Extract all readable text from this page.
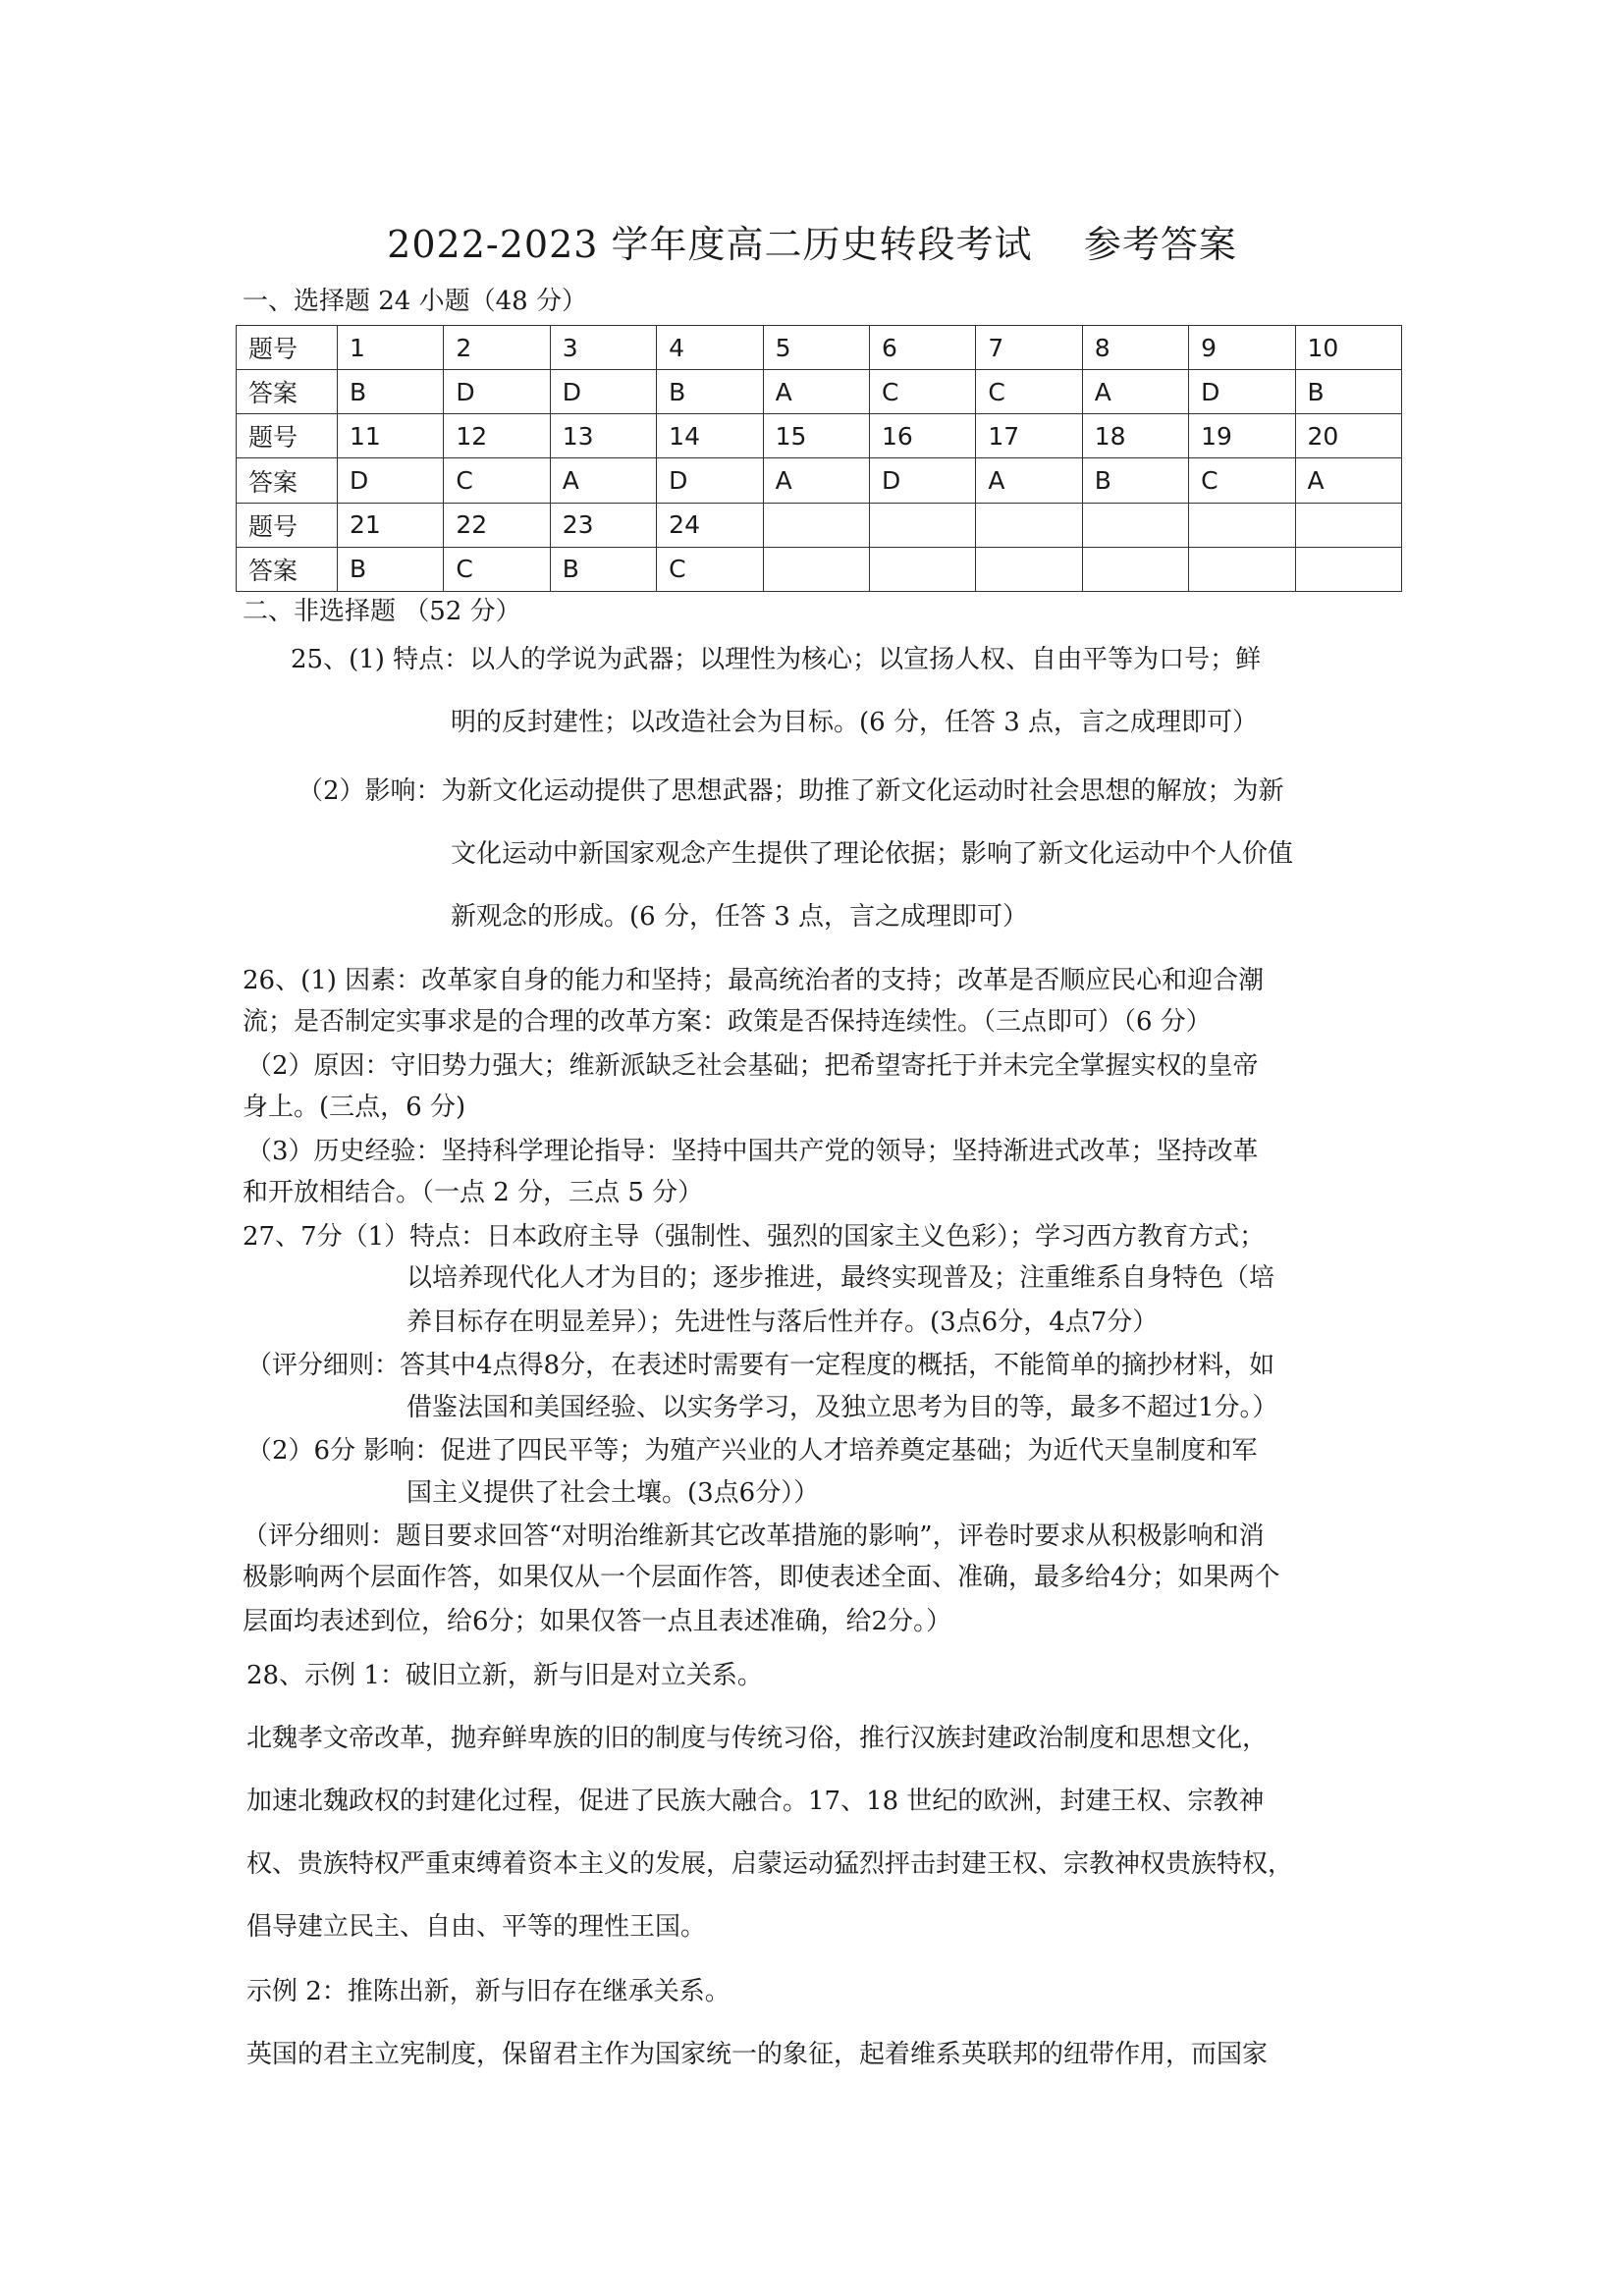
2022-2023 学年度高二历史转段考试    参考答案
一、选择题 24 小题（48 分）
题号	1	2	3	4	5	6	7	8	9	10
答案	B	D	D	B	A	C	C	A	D	B
题号	11	12	13	14	15	16	17	18	19	20
答案	D	C	A	D	A	D	A	B	C	A
题号	21	22	23	24						
答案	B	C	B	C						
二、非选择题 （52 分）
25、(1) 特点：以人的学说为武器；以理性为核心；以宣扬人权、自由平等为口号；鲜
明的反封建性；以改造社会为目标。(6 分，任答 3 点，言之成理即可）
（2）影响：为新文化运动提供了思想武器；助推了新文化运动时社会思想的解放；为新
文化运动中新国家观念产生提供了理论依据；影响了新文化运动中个人价值
新观念的形成。(6 分，任答 3 点，言之成理即可）
26、(1) 因素：改革家自身的能力和坚持；最高统治者的支持；改革是否顺应民心和迎合潮
流；是否制定实事求是的合理的改革方案：政策是否保持连续性。（三点即可）（6 分）
（2）原因：守旧势力强大；维新派缺乏社会基础；把希望寄托于并未完全掌握实权的皇帝
身上。(三点，6 分)
（3）历史经验：坚持科学理论指导：坚持中国共产党的领导；坚持渐进式改革；坚持改革
和开放相结合。（一点 2 分，三点 5 分）
27、7分（1）特点：日本政府主导（强制性、强烈的国家主义色彩）；学习西方教育方式；
以培养现代化人才为目的；逐步推进，最终实现普及；注重维系自身特色（培
养目标存在明显差异）；先进性与落后性并存。(3点6分，4点7分）
（评分细则：答其中4点得8分，在表述时需要有一定程度的概括，不能简单的摘抄材料，如
借鉴法国和美国经验、以实务学习，及独立思考为目的等，最多不超过1分。）
（2）6分 影响：促进了四民平等；为殖产兴业的人才培养奠定基础；为近代天皇制度和军
国主义提供了社会土壤。(3点6分））
（评分细则：题目要求回答“对明治维新其它改革措施的影响”，评卷时要求从积极影响和消
极影响两个层面作答，如果仅从一个层面作答，即使表述全面、准确，最多给4分；如果两个
层面均表述到位，给6分；如果仅答一点且表述准确，给2分。）
28、示例 1：破旧立新，新与旧是对立关系。
北魏孝文帝改革，抛弃鲜卑族的旧的制度与传统习俗，推行汉族封建政治制度和思想文化，
加速北魏政权的封建化过程，促进了民族大融合。17、18 世纪的欧洲，封建王权、宗教神
权、贵族特权严重束缚着资本主义的发展，启蒙运动猛烈抨击封建王权、宗教神权贵族特权，
倡导建立民主、自由、平等的理性王国。
示例 2：推陈出新，新与旧存在继承关系。
英国的君主立宪制度，保留君主作为国家统一的象征，起着维系英联邦的纽带作用，而国家
